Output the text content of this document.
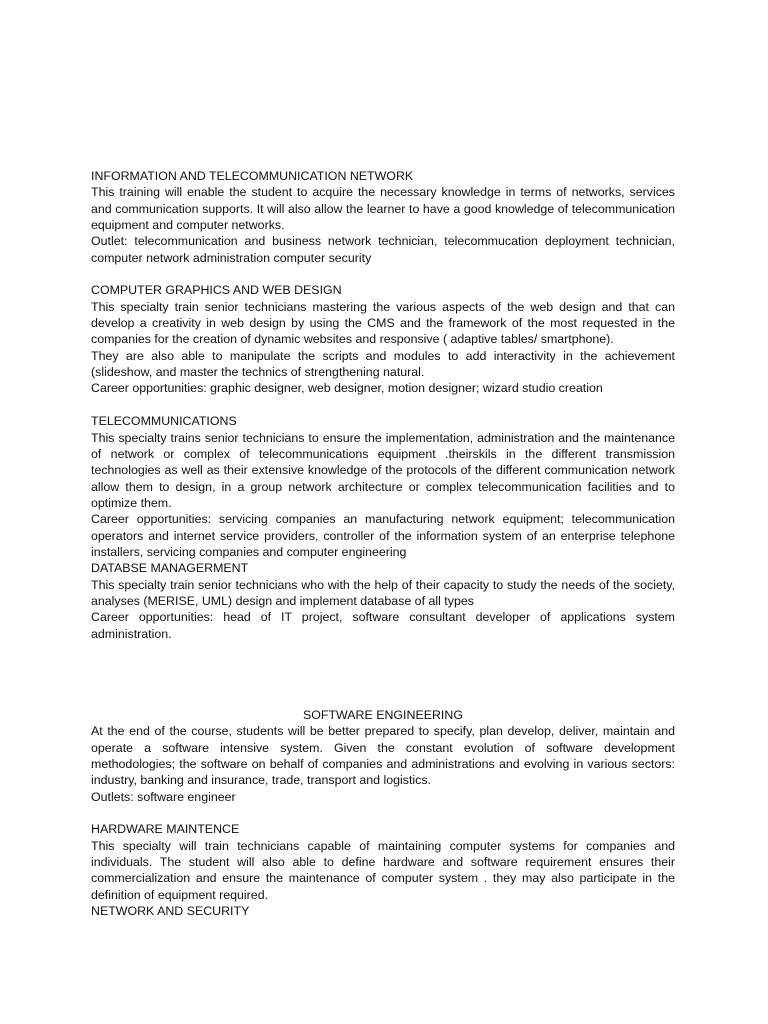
INFORMATION AND TELECOMMUNICATION NETWORK

This training will enable the student to acquire the necessary knowledge in terms of networks, services and communication supports. It will also allow the learner to have a good knowledge of telecommunication equipment and computer networks.

Outlet: telecommunication and business network technician, telecommucation deployment technician, computer network administration computer security

COMPUTER GRAPHICS AND WEB DESIGN

This specialty train senior technicians mastering the various aspects of the web design and that can develop a creativity in web design by using the CMS and the framework of the most requested in the companies for the creation of dynamic websites and responsive ( adaptive tables/ smartphone).

They are also able to manipulate the scripts and modules to add interactivity in the achievement (slideshow, and master the technics of strengthening natural.

Career opportunities: graphic designer, web designer, motion designer; wizard studio creation

TELECOMMUNICATIONS

This specialty trains senior technicians to ensure the implementation, administration and the maintenance of network or complex of telecommunications equipment .theirskils in the different transmission technologies as well as their extensive knowledge of the protocols of the different communication network allow them to design, in a group network architecture or complex telecommunication facilities and to optimize them.

Career opportunities: servicing companies an manufacturing network equipment; telecommunication operators and internet service providers, controller of the information system of an enterprise telephone installers, servicing companies and computer engineering

DATABSE MANAGERMENT

This specialty train senior technicians who with the help of their capacity to study the needs of the society, analyses (MERISE, UML) design and implement database of all types

Career opportunities: head of IT project, software consultant developer of applications system administration.

SOFTWARE ENGINEERING

At the end of the course, students will be better prepared to specify, plan develop, deliver, maintain and operate a software intensive system. Given the constant evolution of software development methodologies; the software on behalf of companies and administrations and evolving in various sectors: industry, banking and insurance, trade, transport and logistics.

Outlets: software engineer

HARDWARE MAINTENCE

This specialty will train technicians capable of maintaining computer systems for companies and individuals. The student will also able to define hardware and software requirement ensures their commercialization and ensure the maintenance of computer system . they may also participate in the definition of equipment required.

NETWORK AND SECURITY
